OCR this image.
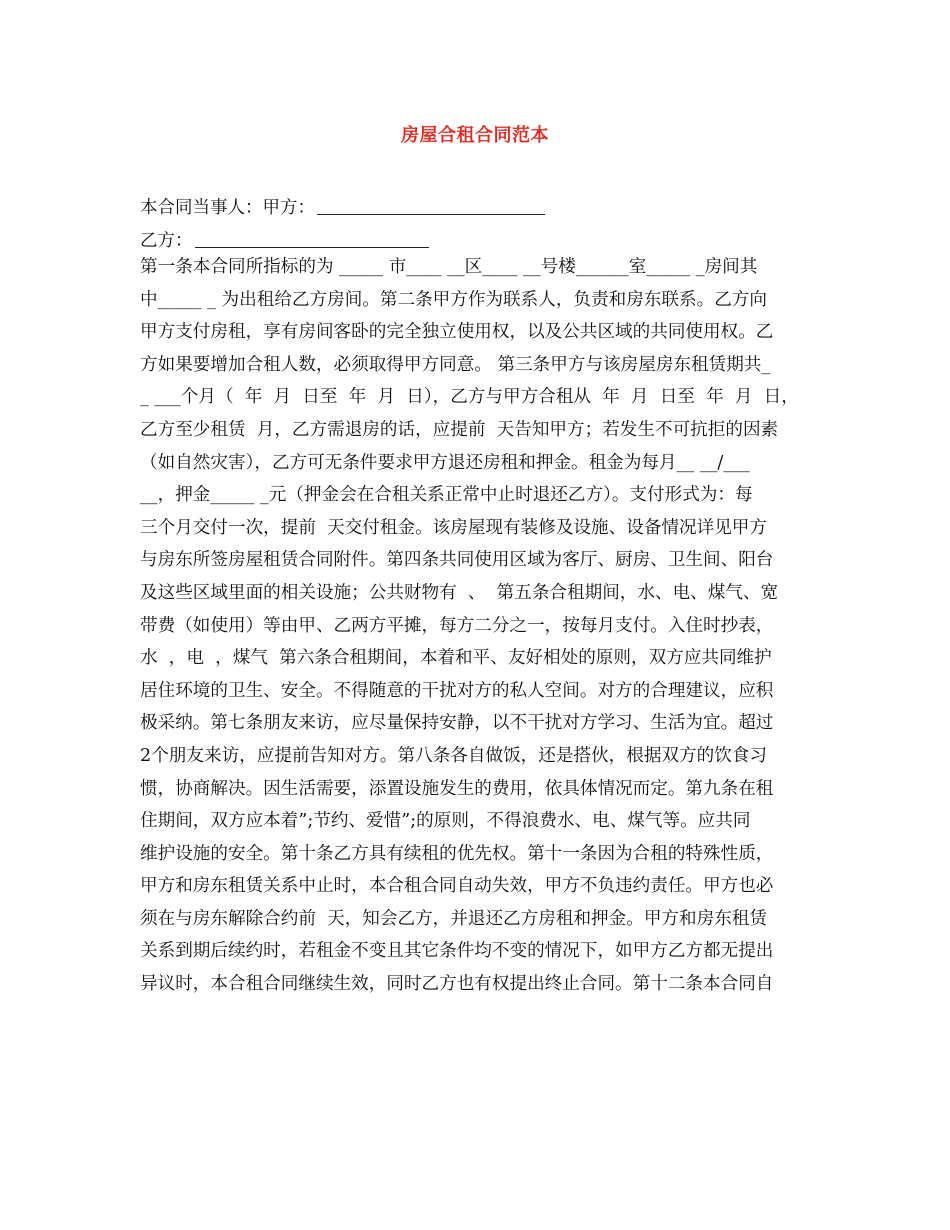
房屋合租合同范本
本合同当事人：甲方：
乙方：
第一条本合同所指标的为 _____ 市____ __区____ __号楼______室_____ _房间其
中_____ _ 为出租给乙方房间。第二条甲方作为联系人，负责和房东联系。乙方向
甲方支付房租，享有房间客卧的完全独立使用权，以及公共区域的共同使用权。乙
方如果要增加合租人数，必须取得甲方同意。 第三条甲方与该房屋房东租赁期共_
_ ___个月（  年  月  日至  年  月  日），乙方与甲方合租从  年  月  日至  年  月  日，
乙方至少租赁  月，乙方需退房的话，应提前  天告知甲方；若发生不可抗拒的因素
（如自然灾害），乙方可无条件要求甲方退还房租和押金。租金为每月__ __/___
__，押金_____ _元（押金会在合租关系正常中止时退还乙方）。支付形式为：每
三个月交付一次，提前  天交付租金。该房屋现有装修及设施、设备情况详见甲方
与房东所签房屋租赁合同附件。第四条共同使用区域为客厅、厨房、卫生间、阳台
及这些区域里面的相关设施；公共财物有  、  第五条合租期间，水、电、煤气、宽
带费（如使用）等由甲、乙两方平摊，每方二分之一，按每月支付。入住时抄表，
水  ，电  ，煤气  第六条合租期间，本着和平、友好相处的原则，双方应共同维护
居住环境的卫生、安全。不得随意的干扰对方的私人空间。对方的合理建议，应积
极采纳。第七条朋友来访，应尽量保持安静，以不干扰对方学习、生活为宜。超过
2个朋友来访，应提前告知对方。第八条各自做饭，还是搭伙，根据双方的饮食习
惯，协商解决。因生活需要，添置设施发生的费用，依具体情况而定。第九条在租
住期间，双方应本着”;节约、爱惜”;的原则，不得浪费水、电、煤气等。应共同
维护设施的安全。第十条乙方具有续租的优先权。第十一条因为合租的特殊性质，
甲方和房东租赁关系中止时，本合租合同自动失效，甲方不负违约责任。甲方也必
须在与房东解除合约前  天，知会乙方，并退还乙方房租和押金。甲方和房东租赁
关系到期后续约时，若租金不变且其它条件均不变的情况下，如甲方乙方都无提出
异议时，本合租合同继续生效，同时乙方也有权提出终止合同。第十二条本合同自
